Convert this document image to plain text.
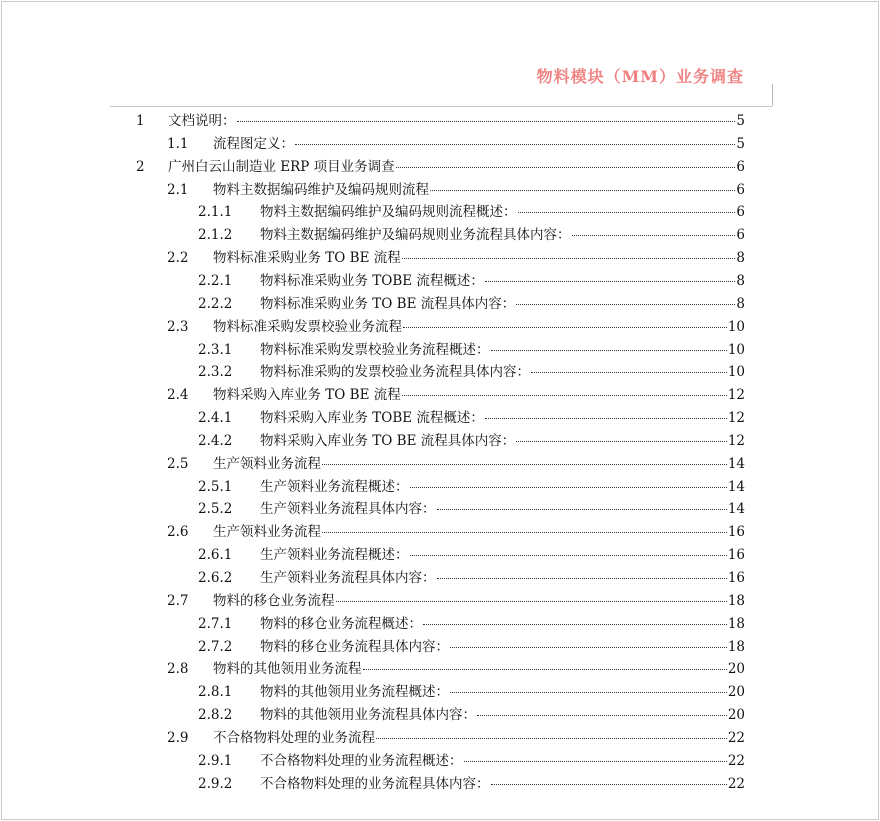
物料模块（MM）业务调查
1	文档说明：	5
1.1	流程图定义：	5
2	广州白云山制造业 ERP 项目业务调查	6
2.1	物料主数据编码维护及编码规则流程	6
2.1.1	物料主数据编码维护及编码规则流程概述：	6
2.1.2	物料主数据编码维护及编码规则业务流程具体内容：	6
2.2	物料标准采购业务 TO BE 流程	8
2.2.1	物料标准采购业务 TOBE 流程概述：	8
2.2.2	物料标准采购业务 TO BE 流程具体内容：	8
2.3	物料标准采购发票校验业务流程	10
2.3.1	物料标准采购发票校验业务流程概述：	10
2.3.2	物料标准采购的发票校验业务流程具体内容：	10
2.4	物料采购入库业务 TO BE 流程	12
2.4.1	物料采购入库业务 TOBE 流程概述：	12
2.4.2	物料采购入库业务 TO BE 流程具体内容：	12
2.5	生产领料业务流程	14
2.5.1	生产领料业务流程概述：	14
2.5.2	生产领料业务流程具体内容：	14
2.6	生产领料业务流程	16
2.6.1	生产领料业务流程概述：	16
2.6.2	生产领料业务流程具体内容：	16
2.7	物料的移仓业务流程	18
2.7.1	物料的移仓业务流程概述：	18
2.7.2	物料的移仓业务流程具体内容：	18
2.8	物料的其他领用业务流程	20
2.8.1	物料的其他领用业务流程概述：	20
2.8.2	物料的其他领用业务流程具体内容：	20
2.9	不合格物料处理的业务流程	22
2.9.1	不合格物料处理的业务流程概述：	22
2.9.2	不合格物料处理的业务流程具体内容：	22
